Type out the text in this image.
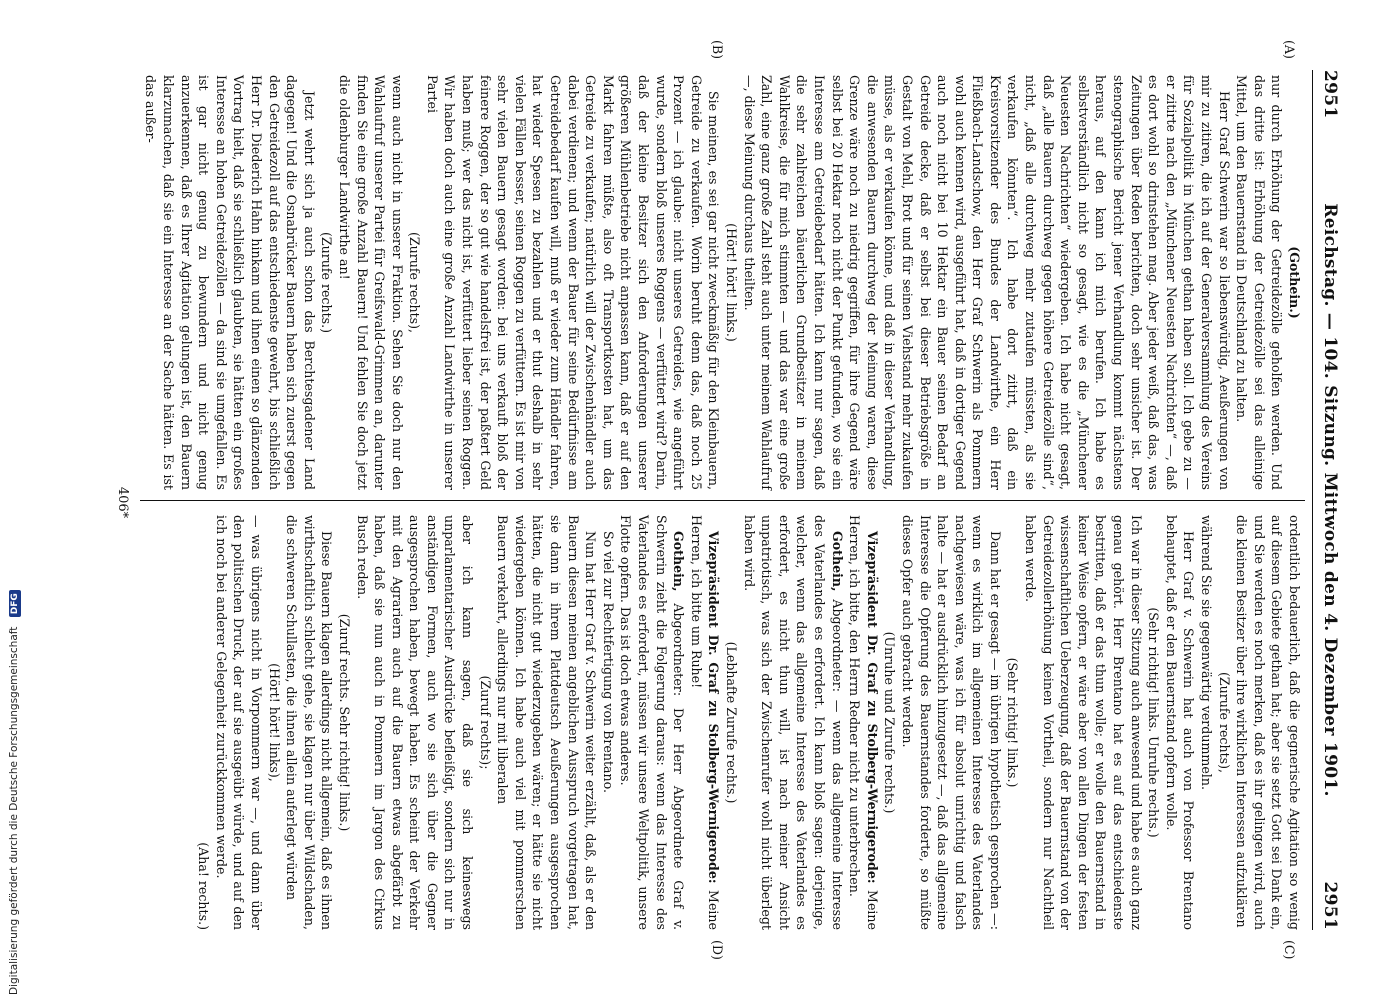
2951
Reichstag. — 104. Sitzung. Mittwoch den 4. Dezember 1901.
2951
(A)
(B)
(C)
(D)

(Gothein.)

nur durch Erhöhung der Getreidezölle geholfen werden. Und das dritte ist: Erhöhung der Getreidezölle sei das alleinige Mittel, um den Bauernstand in Deutschland zu halten.

Herr Graf Schwerin war so liebenswürdig, Aeußerungen von mir zu zitiren, die ich auf der Generalversammlung des Vereins für Sozialpolitik in München gethan haben soll. Ich gebe zu — er zitirte nach den „Münchener Neuesten Nachrichten“ —, daß es dort wohl so drinstehen mag. Aber jeder weiß, daß das, was Zeitungen über Reden berichten, doch sehr unsicher ist. Der stenographische Bericht jener Verhandlung kommt nächstens heraus, auf den kann ich mich berufen. Ich habe es selbstverständlich nicht so gesagt, wie es die „Münchener Neuesten Nachrichten“ wiedergeben. Ich habe nicht gesagt, daß „alle Bauern durchweg gegen höhere Getreidezölle sind“, nicht, „daß alle durchweg mehr zutaufen müssten, als sie verkaufen könnten“. Ich habe dort zitirt, daß ein Kreisvorsitzender des Bundes der Landwirthe, ein Herr Fließbach-Landschow, den Herr Graf Schwerin als Pommern wohl auch kennen wird, ausgeführt hat, daß in dortiger Gegend auch noch nicht bei 10 Hektar ein Bauer seinen Bedarf an Getreide decke, daß er selbst bei dieser Betriebsgröße in Gestalt von Mehl, Brot und für seinen Viehstand mehr zukaufen müsse, als er verkaufen könne, und daß in dieser Verhandlung, die anwesenden Bauern durchweg der Meinung waren, diese Grenze wäre noch zu niedrig gegriffen, für ihre Gegend wäre selbst bei 20 Hektar noch nicht der Punkt gefunden, wo sie ein Interesse am Getreidebedarf hätten. Ich kann nur sagen, daß die sehr zahlreichen bäuerlichen Grundbesitzer in meinem Wahlkreise, die für mich stimmten — und das war eine große Zahl, eine ganz große Zahl steht auch unter meinem Wahlaufruf —, diese Meinung durchaus theilten.

(Hört! hört! links.)

Sie meinen, es sei gar nicht zweckmäßig für den Kleinbauern, Getreide zu verkaufen. Worin beruht denn das, daß noch 25 Prozent — ich glaube: nicht unseres Getreides, wie angeführt wurde, sondern bloß unseres Roggens — verfüttert wird? Darin, daß der kleine Besitzer sich den Anforderungen unserer größeren Mühlenbetriebe nicht anpassen kann, daß er auf den Markt fahren müßte, also oft Transportkosten hat, um das Getreide zu verkaufen; natürlich will der Zwischenhändler auch dabei verdienen; und wenn der Bauer für seine Bedürfnisse am Getreidebedarf kaufen will, muß er wieder zum Händler fahren, hat wieder Spesen zu bezahlen und er thut deshalb in sehr vielen Fällen besser, seinen Roggen zu verfüttern. Es ist mir von sehr vielen Bauern gesagt worden: bei uns verkauft bloß der feinere Roggen, der so gut wie handelsfrei ist, der paßtert Geld haben muß; wer das nicht ist, verfüttert lieber seinen Roggen. Wir haben doch auch eine große Anzahl Landwirthe in unserer Partei

(Zurufe rechts),

wenn auch nicht in unserer Fraktion. Sehen Sie doch nur den Wahlaufruf unserer Partei für Greifswald-Grimmen an, darunter finden Sie eine große Anzahl Bauern! Und fehlen Sie doch jetzt die oldenburger Landwirthe an!

(Zurufe rechts.)

Jetzt wehrt sich ja auch schon das Berchtesgadener Land dagegen! Und die Osnabrücker Bauern haben sich zuerst gegen den Getreidezoll auf das entschiedenste gewehrt, bis schließlich Herr Dr. Diederich Hahn hinkam und ihnen einen so glänzenden Vortrag hielt, daß sie schließlich glaubten, sie hätten ein großes Interesse an hohen Getreidezöllen — da sind sie umgefallen. Es ist gar nicht genug zu bewundern und nicht genug anzuerkennen, daß es Ihrer Agitation gelungen ist, den Bauern klarzumachen, daß sie ein Interesse an der Sache hätten. Es ist das außer-

ordentlich bedauerlich, daß die gegnerische Agitation so wenig auf diesem Gebiete gethan hat; aber sie setzt Gott sei Dank ein, und Sie werden es noch merken, daß es ihr gelingen wird, auch die kleinen Besitzer über ihre wirklichen Interessen aufzuklären

(Zurufe rechts),

während Sie sie gegenwärtig verdummeln.

Herr Graf v. Schwerin hat auch von Professor Brentano behauptet, daß er den Bauernstand opfern wolle.

(Sehr richtig! links. Unruhe rechts.)

Ich war in dieser Sitzung auch anwesend und habe es auch ganz genau gehört. Herr Brentano hat es auf das entschiedenste bestritten, daß er das thun wolle; er wolle den Bauernstand in keiner Weise opfern, er wäre aber von allen Dingen der festen wissenschaftlichen Ueberzeugung, daß der Bauernstand von der Getreidezollerhöhung keinen Vortheil, sondern nur Nachtheil haben werde.

(Sehr richtig! links.)

Dann hat er gesagt — im übrigen hypothetisch gesprochen —: wenn es wirklich im allgemeinen Interesse des Vaterlandes nachgewiesen wäre, was ich für absolut unrichtig und falsch halte — hat er ausdrücklich hinzugesetzt —, daß das allgemeine Interesse die Opferung des Bauernstandes forderte, so müßte dieses Opfer auch gebracht werden.

(Unruhe und Zurufe rechts.)

Vizepräsident Dr. Graf zu Stolberg-Wernigerode: Meine Herren, ich bitte, den Herrn Redner nicht zu unterbrechen.

Gothein, Abgeordneter: — wenn das allgemeine Interesse des Vaterlandes es erfordert. Ich kann bloß sagen: derjenige, welcher, wenn das allgemeine Interesse des Vaterlandes es erfordert, es nicht thun will, ist nach meiner Ansicht unpatriotisch, was sich der Zwischenrufer wohl nicht überlegt haben wird.

(Lebhafte Zurufe rechts.)

Vizepräsident Dr. Graf zu Stolberg-Wernigerode: Meine Herren, ich bitte um Ruhe!

Gothein, Abgeordneter: Der Herr Abgeordnete Graf v. Schwerin zieht die Folgerung daraus: wenn das Interesse des Vaterlandes es erfordert, müssen wir unsere Weltpolitik, unsere Flotte opfern. Das ist doch etwas anderes.

So viel zur Rechtfertigung von Brentano.

Nun hat Herr Graf v. Schwerin weiter erzählt, daß, als er den Bauern diesen meinen angeblichen Ausspruch vorgetragen hat, sie dann in ihrem Plattdeutsch Aeußerungen ausgesprochen hätten, die nicht gut wiederzugeben wären; er hätte sie nicht wiedergeben können. Ich habe auch viel mit pommerschen Bauern verkehrt, allerdings nur mit liberalen

(Zuruf rechts);

aber ich kann sagen, daß sie sich keineswegs unparlamentarischer Ausdrücke befleißigt, sondern sich nur in anständigen Formen, auch wo sie sich über die Gegner ausgesprochen haben, bewegt haben. Es scheint der Verkehr mit den Agrariern auch auf die Bauern etwas abgefärbt zu haben, daß sie nun auch in Pommern im Jargon des Cirkus Busch reden.

(Zuruf rechts. Sehr richtig! links.)

Diese Bauern klagen allerdings nicht allgemein, daß es ihnen wirthschaftlich schlecht gehe, sie klagen nur über Wildschaden, die schweren Schullasten, die ihnen allein auferlegt würden

(Hört! hört! links),

— was übrigens nicht in Vorpommern war —, und dann über den politischen Druck, der auf sie ausgeübt würde, und auf den ich noch bei anderer Gelegenheit zurückkommen werde.

(Aha! rechts.)

406*
Digitalisierung gefördert durch die Deutsche Forschungsgemeinschaft DFG
